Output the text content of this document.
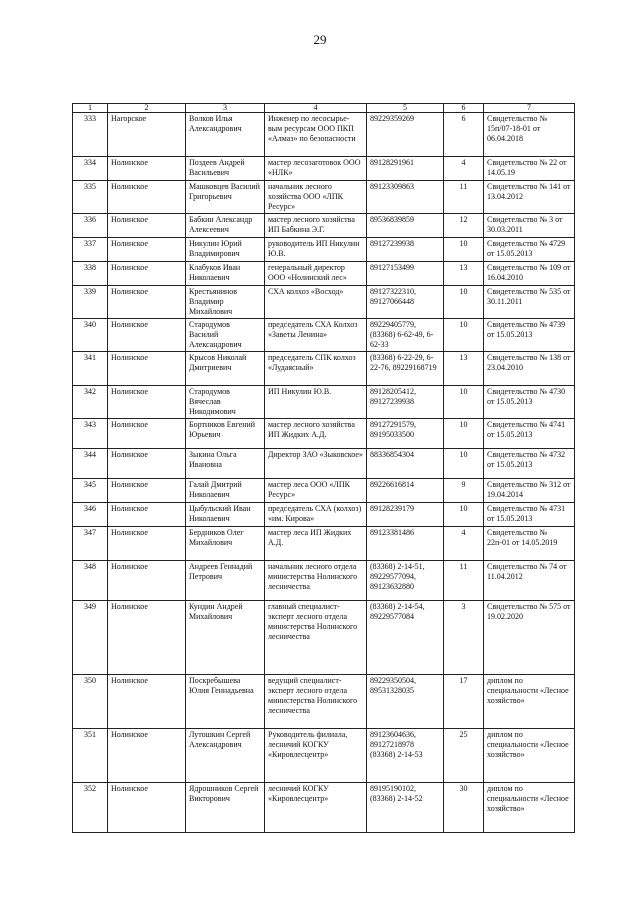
29
1	2	3	4	5	6	7
333	Нагорское	Волков Илья Александрович	Инженер по лесосырье-вым ресурсам ООО ПКП «Алмаз» по безопасности	89229359269	6	Свидетельство № 15п/07-18-01 от 06.04.2018
334	Нолинское	Поздеев Андрей Васильевич	мастер лесозаготовок ООО «НЛК»	89128291961	4	Свидетельство № 22 от 14.05.19
335	Нолинское	Машковцев Василий Григорьевич	начальник лесного хозяйства ООО «ЛПК Ресурс»	89123309863	11	Свидетельство № 141 от 13.04.2012
336	Нолинское	Бабкин Александр Алексеевич	мастер лесного хозяйства ИП Бабкина Э.Г.	89536839859	12	Свидетельство № 3 от 30.03.2011
337	Нолинское	Никулин Юрий Владимирович	руководитель ИП Никулин Ю.В.	89127239938	10	Свидетельство № 4729 от 15.05.2013
338	Нолинское	Клабуков Иван Николаевич	генеральный директор ООО «Нолинский лес»	89127153499	13	Свидетельство № 109 от 16.04.2010
339	Нолинское	Крестьянинов Владимир Михайлович	СХА колхоз «Восход»	89127322310, 89127066448	10	Свидетельство № 535 от 30.11.2011
340	Нолинское	Стародумов Василий Александрович	председатель СХА Колхоз «Заветы Ленина»	89229405779, (83368) 6-62-49, 6-62-33	10	Свидетельство № 4739 от 15.05.2013
341	Нолинское	Крысов Николай Дмитриевич	председатель СПК колхоз «Лудаясный»	(83368) 6-22-29, 6-22-76, 89229168719	13	Свидетельство № 138 от 23.04.2010
342	Нолинское	Стародумов Вячеслав Никодимович	ИП Никулин Ю.В.	89128205412, 89127239938	10	Свидетельство № 4730 от 15.05.2013
343	Нолинское	Бортников Евгений Юрьевич	мастер лесного хозяйства ИП Жидких А.Д.	89127291579, 89195033500	10	Свидетельство № 4741 от 15.05.2013
344	Нолинское	Зыкина Ольга Ивановна	Директор ЗАО «Зыковское»	88336854304	10	Свидетельство № 4732 от 15.05.2013
345	Нолинское	Галай Дмитрий Николаевич	мастер леса ООО «ЛПК Ресурс»	89226616814	9	Свидетельство № 312 от 19.04.2014
346	Нолинское	Цыбульский Иван Николаевич	председатель СХА (колхоз) «им. Кирова»	89128239179	10	Свидетельство № 4731 от 15.05.2013
347	Нолинское	Бердников Олег Михайлович	мастер леса ИП Жидких А.Д.	89123381486	4	Свидетельство № 22п-01 от 14.05.2019
348	Нолинское	Андреев Геннадий Петрович	начальник лесного отдела министерства Нолинского лесничества	(83368) 2-14-51, 89229577094, 89123632880	11	Свидетельство № 74 от 11.04.2012
349	Нолинское	Кундин Андрей Михайлович	главный специалист-эксперт лесного отдела министерства Нолинского лесничества	(83368) 2-14-54, 89229577084	3	Свидетельство № 575 от 19.02.2020
350	Нолинское	Поскребышева Юлия Геннадьевна	ведущий специалист-эксперт лесного отдела министерства Нолинского лесничества	89229350504, 89531328035	17	диплом по специальности «Лесное хозяйство»
351	Нолинское	Лутошкин Сергей Александрович	Руководитель филиала, лесничий КОГКУ «Кировлесцентр»	89123604636, 89127218978 (83368) 2-14-53	25	диплом по специальности «Лесное хозяйство»
352	Нолинское	Ядрошников Сергей Викторович	лесничий КОГКУ «Кировлесцентр»	89195190102, (83368) 2-14-52	30	диплом по специальности «Лесное хозяйство»
